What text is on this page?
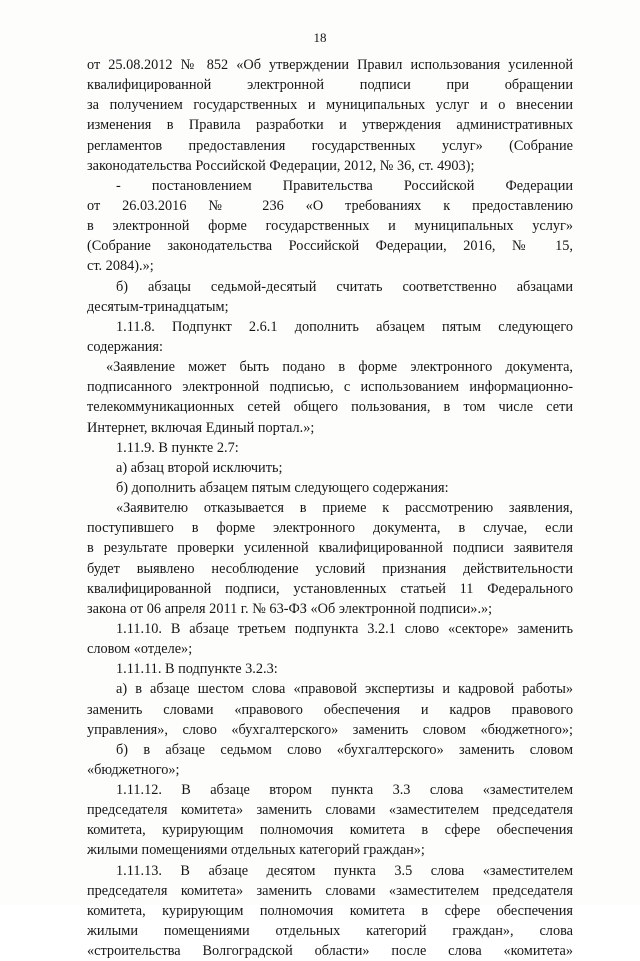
18
от 25.08.2012 № 852 «Об утверждении Правил использования усиленной
квалифицированной электронной подписи при обращении
за получением государственных и муниципальных услуг и о внесении
изменения в Правила разработки и утверждения административных
регламентов предоставления государственных услуг» (Собрание
законодательства Российской Федерации, 2012, № 36, ст. 4903);
- постановлением Правительства Российской Федерации
от 26.03.2016 № 236 «О требованиях к предоставлению
в электронной форме государственных и муниципальных услуг»
(Собрание законодательства Российской Федерации, 2016, № 15,
ст. 2084).»;
б) абзацы седьмой-десятый считать соответственно абзацами
десятым-тринадцатым;
1.11.8. Подпункт 2.6.1 дополнить абзацем пятым следующего
содержания:
«Заявление может быть подано в форме электронного документа,
подписанного электронной подписью, с использованием информационно-
телекоммуникационных сетей общего пользования, в том числе сети
Интернет, включая Единый портал.»;
1.11.9. В пункте 2.7:
а) абзац второй исключить;
б) дополнить абзацем пятым следующего содержания:
«Заявителю отказывается в приеме к рассмотрению заявления,
поступившего в форме электронного документа, в случае, если
в результате проверки усиленной квалифицированной подписи заявителя
будет выявлено несоблюдение условий признания действительности
квалифицированной подписи, установленных статьей 11 Федерального
закона от 06 апреля 2011 г. № 63-ФЗ «Об электронной подписи».»;
1.11.10. В абзаце третьем подпункта 3.2.1 слово «секторе» заменить
словом «отделе»;
1.11.11. В подпункте 3.2.3:
а) в абзаце шестом слова «правовой экспертизы и кадровой работы»
заменить словами «правового обеспечения и кадров правового
управления», слово «бухгалтерского» заменить словом «бюджетного»;
б) в абзаце седьмом слово «бухгалтерского» заменить словом
«бюджетного»;
1.11.12. В абзаце втором пункта 3.3 слова «заместителем
председателя комитета» заменить словами «заместителем председателя
комитета, курирующим полномочия комитета в сфере обеспечения
жилыми помещениями отдельных категорий граждан»;
1.11.13. В абзаце десятом пункта 3.5 слова «заместителем
председателя комитета» заменить словами «заместителем председателя
комитета, курирующим полномочия комитета в сфере обеспечения
жилыми помещениями отдельных категорий граждан», слова
«строительства Волгоградской области» после слова «комитета»
